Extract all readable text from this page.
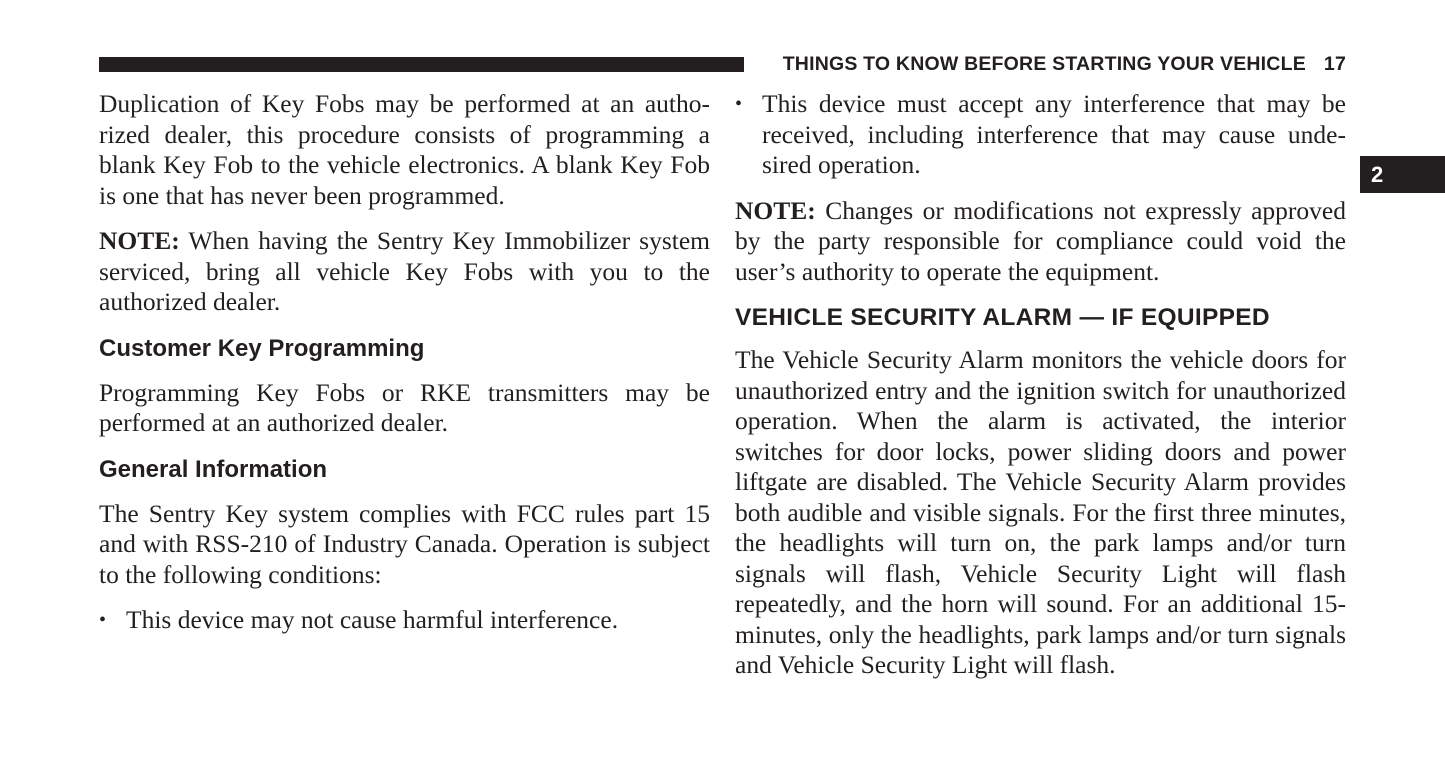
THINGS TO KNOW BEFORE STARTING YOUR VEHICLE 17
2

Duplication of Key Fobs may be performed at an authorized dealer, this procedure consists of programming a blank Key Fob to the vehicle electronics. A blank Key Fob is one that has never been programmed.

NOTE: When having the Sentry Key Immobilizer system serviced, bring all vehicle Key Fobs with you to the authorized dealer.

Customer Key Programming

Programming Key Fobs or RKE transmitters may be performed at an authorized dealer.

General Information

The Sentry Key system complies with FCC rules part 15 and with RSS-210 of Industry Canada. Operation is subject to the following conditions:

• This device may not cause harmful interference.
• This device must accept any interference that may be received, including interference that may cause undesired operation.

NOTE: Changes or modifications not expressly approved by the party responsible for compliance could void the user’s authority to operate the equipment.

VEHICLE SECURITY ALARM — IF EQUIPPED

The Vehicle Security Alarm monitors the vehicle doors for unauthorized entry and the ignition switch for unauthorized operation. When the alarm is activated, the interior switches for door locks, power sliding doors and power liftgate are disabled. The Vehicle Security Alarm provides both audible and visible signals. For the first three minutes, the headlights will turn on, the park lamps and/or turn signals will flash, Vehicle Security Light will flash repeatedly, and the horn will sound. For an additional 15-minutes, only the headlights, park lamps and/or turn signals and Vehicle Security Light will flash.
